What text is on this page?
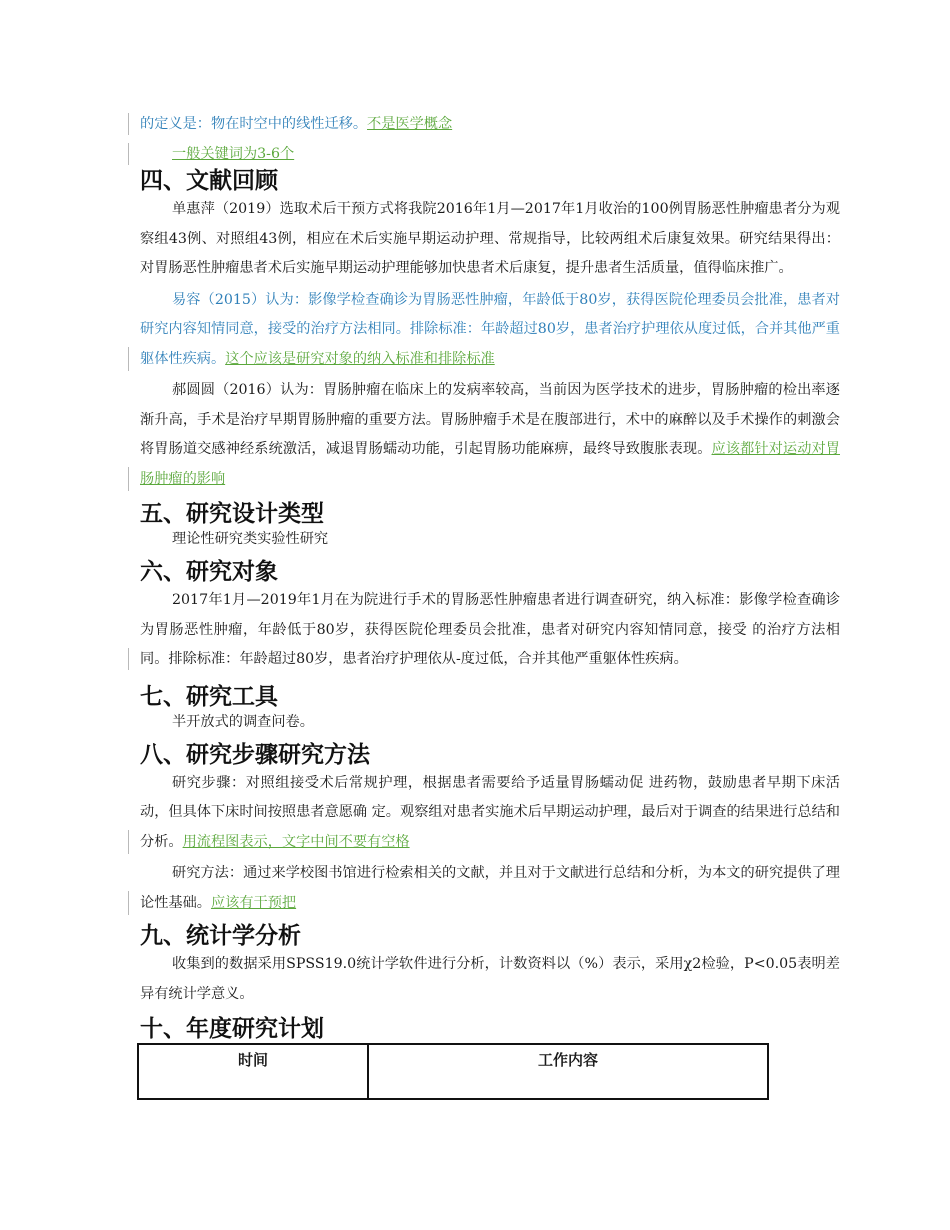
的定义是：物在时空中的线性迁移。不是医学概念

一般关键词为3-6个

四、文献回顾

单惠萍（2019）选取术后干预方式将我院2016年1月—2017年1月收治的100例胃肠恶性肿瘤患者分为观察组43例、对照组43例，相应在术后实施早期运动护理、常规指导，比较两组术后康复效果。研究结果得出：对胃肠恶性肿瘤患者术后实施早期运动护理能够加快患者术后康复，提升患者生活质量，值得临床推广。

易容（2015）认为：影像学检查确诊为胃肠恶性肿瘤，年龄低于80岁，获得医院伦理委员会批准，患者对研究内容知情同意，接受的治疗方法相同。排除标准：年龄超过80岁，患者治疗护理依从度过低，合并其他严重躯体性疾病。这个应该是研究对象的纳入标准和排除标准

郝圆圆（2016）认为：胃肠肿瘤在临床上的发病率较高，当前因为医学技术的进步，胃肠肿瘤的检出率逐渐升高，手术是治疗早期胃肠肿瘤的重要方法。胃肠肿瘤手术是在腹部进行，术中的麻醉以及手术操作的刺激会将胃肠道交感神经系统激活，减退胃肠蠕动功能，引起胃肠功能麻痹，最终导致腹胀表现。应该都针对运动对胃肠肿瘤的影响

五、研究设计类型

理论性研究类实验性研究

六、研究对象

2017年1月—2019年1月在为院进行手术的胃肠恶性肿瘤患者进行调查研究，纳入标准：影像学检查确诊为胃肠恶性肿瘤，年龄低于80岁，获得医院伦理委员会批准，患者对研究内容知情同意，接受 的治疗方法相同。排除标准：年龄超过80岁，患者治疗护理依从-度过低，合并其他严重躯体性疾病。

七、研究工具

半开放式的调查问卷。

八、研究步骤研究方法

研究步骤：对照组接受术后常规护理，根据患者需要给予适量胃肠蠕动促 进药物，鼓励患者早期下床活动，但具体下床时间按照患者意愿确 定。观察组对患者实施术后早期运动护理，最后对于调查的结果进行总结和分析。用流程图表示，文字中间不要有空格

研究方法：通过来学校图书馆进行检索相关的文献，并且对于文献进行总结和分析，为本文的研究提供了理论性基础。应该有干预把

九、统计学分析

收集到的数据采用SPSS19.0统计学软件进行分析，计数资料以（%）表示，采用χ2检验，P<0.05表明差异有统计学意义。

十、年度研究计划
时间	工作内容
